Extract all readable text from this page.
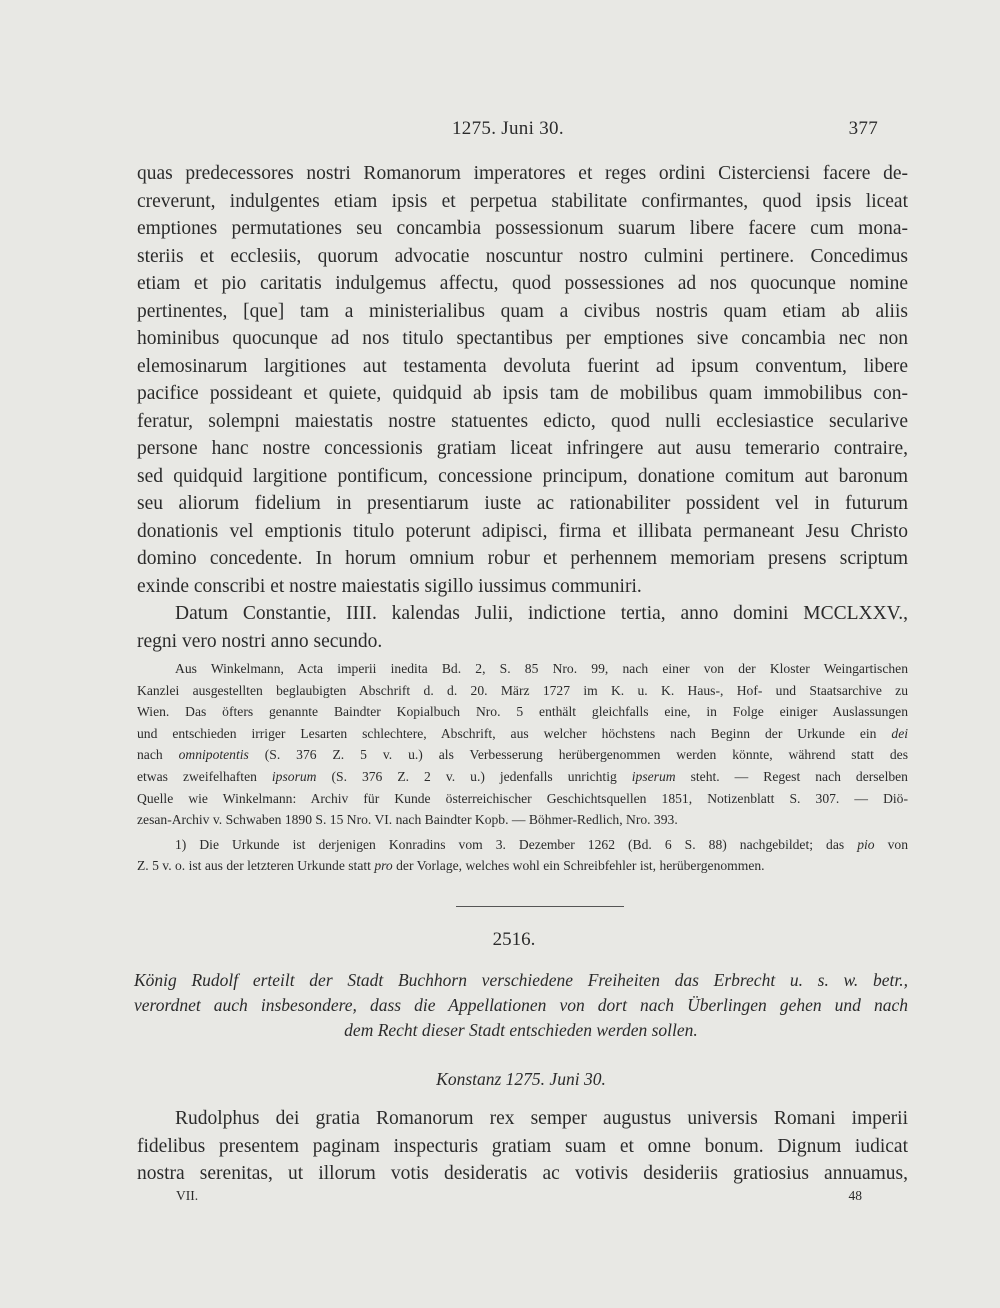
1275. Juni 30.	377
quas predecessores nostri Romanorum imperatores et reges ordini Cisterciensi facere de-
creverunt, indulgentes etiam ipsis et perpetua stabilitate confirmantes, quod ipsis liceat
emptiones permutationes seu concambia possessionum suarum libere facere cum mona-
steriis et ecclesiis, quorum advocatie noscuntur nostro culmini pertinere. Concedimus
etiam et pio caritatis indulgemus affectu, quod possessiones ad nos quocunque nomine
pertinentes, [que] tam a ministerialibus quam a civibus nostris quam etiam ab aliis
hominibus quocunque ad nos titulo spectantibus per emptiones sive concambia nec non
elemosinarum largitiones aut testamenta devoluta fuerint ad ipsum conventum, libere
pacifice possideant et quiete, quidquid ab ipsis tam de mobilibus quam immobilibus con-
feratur, solempni maiestatis nostre statuentes edicto, quod nulli ecclesiastice secularive
persone hanc nostre concessionis gratiam liceat infringere aut ausu temerario contraire,
sed quidquid largitione pontificum, concessione principum, donatione comitum aut baronum
seu aliorum fidelium in presentiarum iuste ac rationabiliter possident vel in futurum
donationis vel emptionis titulo poterunt adipisci, firma et illibata permaneant Jesu Christo
domino concedente. In horum omnium robur et perhennem memoriam presens scriptum
exinde conscribi et nostre maiestatis sigillo iussimus communiri.
Datum Constantie, IIII. kalendas Julii, indictione tertia, anno domini MCCLXXV.,
regni vero nostri anno secundo.
Aus Winkelmann, Acta imperii inedita Bd. 2, S. 85 Nro. 99, nach einer von der Kloster Weingartischen
Kanzlei ausgestellten beglaubigten Abschrift d. d. 20. März 1727 im K. u. K. Haus-, Hof- und Staatsarchive zu
Wien. Das öfters genannte Baindter Kopialbuch Nro. 5 enthält gleichfalls eine, in Folge einiger Auslassungen
und entschieden irriger Lesarten schlechtere, Abschrift, aus welcher höchstens nach Beginn der Urkunde ein dei
nach omnipotentis (S. 376 Z. 5 v. u.) als Verbesserung herübergenommen werden könnte, während statt des
etwas zweifelhaften ipsorum (S. 376 Z. 2 v. u.) jedenfalls unrichtig ipserum steht. — Regest nach derselben
Quelle wie Winkelmann: Archiv für Kunde österreichischer Geschichtsquellen 1851, Notizenblatt S. 307. — Diö-
zesan-Archiv v. Schwaben 1890 S. 15 Nro. VI. nach Baindter Kopb. — Böhmer-Redlich, Nro. 393.
1) Die Urkunde ist derjenigen Konradins vom 3. Dezember 1262 (Bd. 6 S. 88) nachgebildet; das pio von
Z. 5 v. o. ist aus der letzteren Urkunde statt pro der Vorlage, welches wohl ein Schreibfehler ist, herübergenommen.
2516.
König Rudolf erteilt der Stadt Buchhorn verschiedene Freiheiten das Erbrecht u. s. w. betr.,
verordnet auch insbesondere, dass die Appellationen von dort nach Überlingen gehen und nach
dem Recht dieser Stadt entschieden werden sollen.
Konstanz 1275. Juni 30.
Rudolphus dei gratia Romanorum rex semper augustus universis Romani imperii
fidelibus presentem paginam inspecturis gratiam suam et omne bonum. Dignum iudicat
nostra serenitas, ut illorum votis desideratis ac votivis desideriis gratiosius annuamus,
VII.	48
